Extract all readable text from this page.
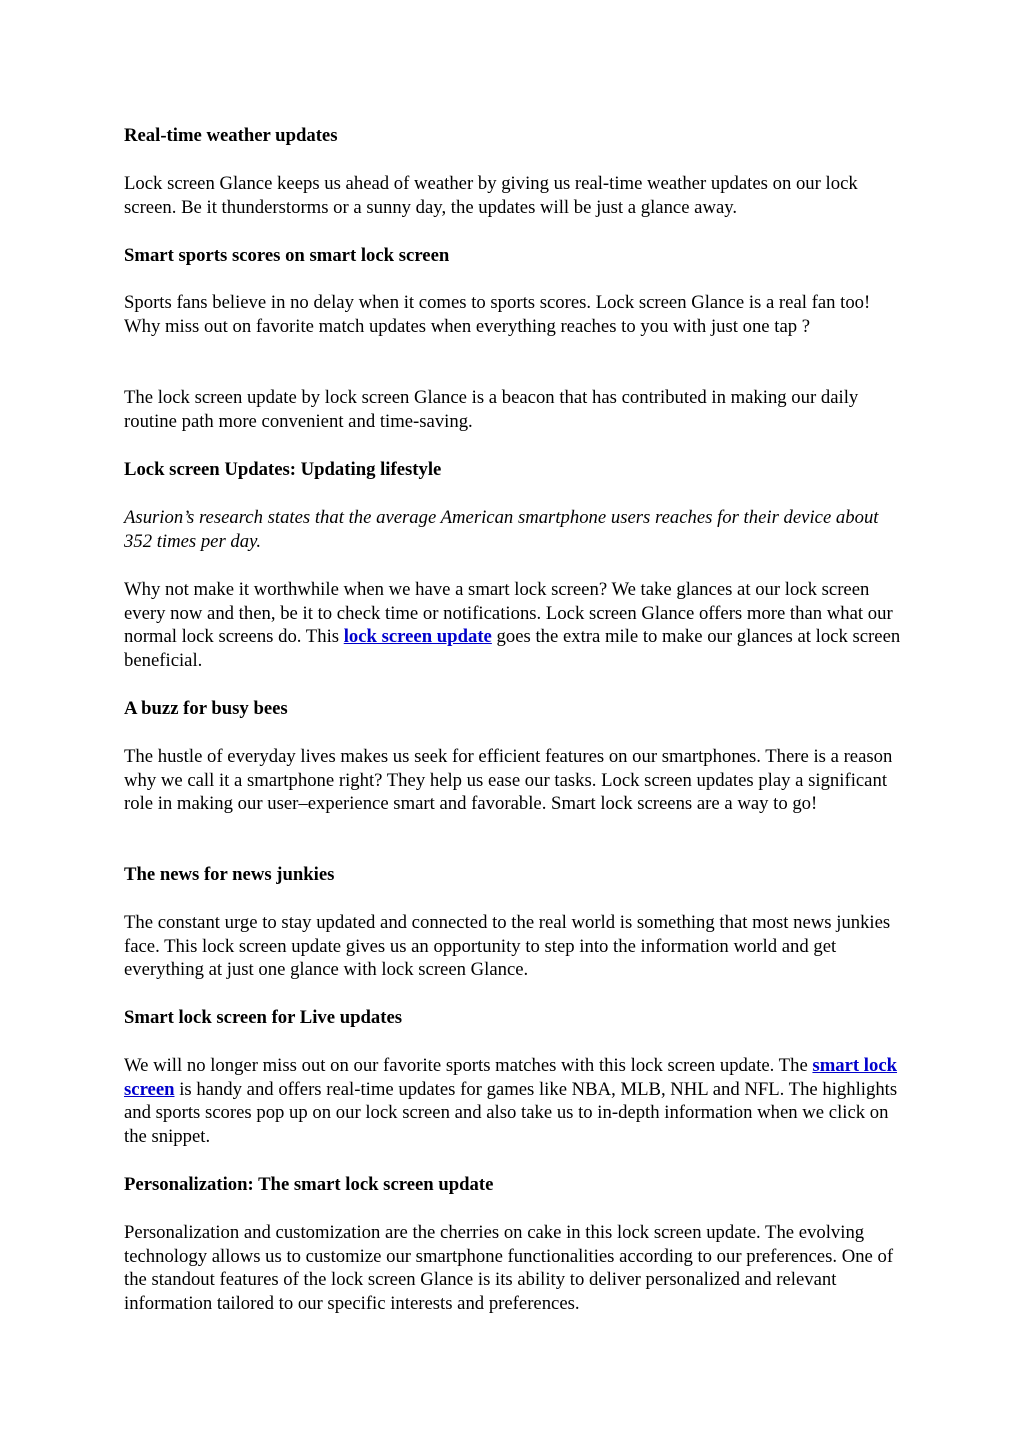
Real-time weather updates

Lock screen Glance keeps us ahead of weather by giving us real-time weather updates on our lock screen. Be it thunderstorms or a sunny day, the updates will be just a glance away.

Smart sports scores on smart lock screen

Sports fans believe in no delay when it comes to sports scores. Lock screen Glance is a real fan too! Why miss out on favorite match updates when everything reaches to you with just one tap ?

The lock screen update by lock screen Glance is a beacon that has contributed in making our daily routine path more convenient and time-saving.

Lock screen Updates: Updating lifestyle

Asurion’s research states that the average American smartphone users reaches for their device about 352 times per day.

Why not make it worthwhile when we have a smart lock screen? We take glances at our lock screen every now and then, be it to check time or notifications. Lock screen Glance offers more than what our normal lock screens do. This lock screen update goes the extra mile to make our glances at lock screen beneficial.

A buzz for busy bees

The hustle of everyday lives makes us seek for efficient features on our smartphones. There is a reason why we call it a smartphone right? They help us ease our tasks. Lock screen updates play a significant role in making our user–experience smart and favorable. Smart lock screens are a way to go!

The news for news junkies

The constant urge to stay updated and connected to the real world is something that most news junkies face. This lock screen update gives us an opportunity to step into the information world and get everything at just one glance with lock screen Glance.

Smart lock screen for Live updates

We will no longer miss out on our favorite sports matches with this lock screen update. The smart lock screen is handy and offers real-time updates for games like NBA, MLB, NHL and NFL. The highlights and sports scores pop up on our lock screen and also take us to in-depth information when we click on the snippet.

Personalization: The smart lock screen update

Personalization and customization are the cherries on cake in this lock screen update. The evolving technology allows us to customize our smartphone functionalities according to our preferences. One of the standout features of the lock screen Glance is its ability to deliver personalized and relevant information tailored to our specific interests and preferences.
